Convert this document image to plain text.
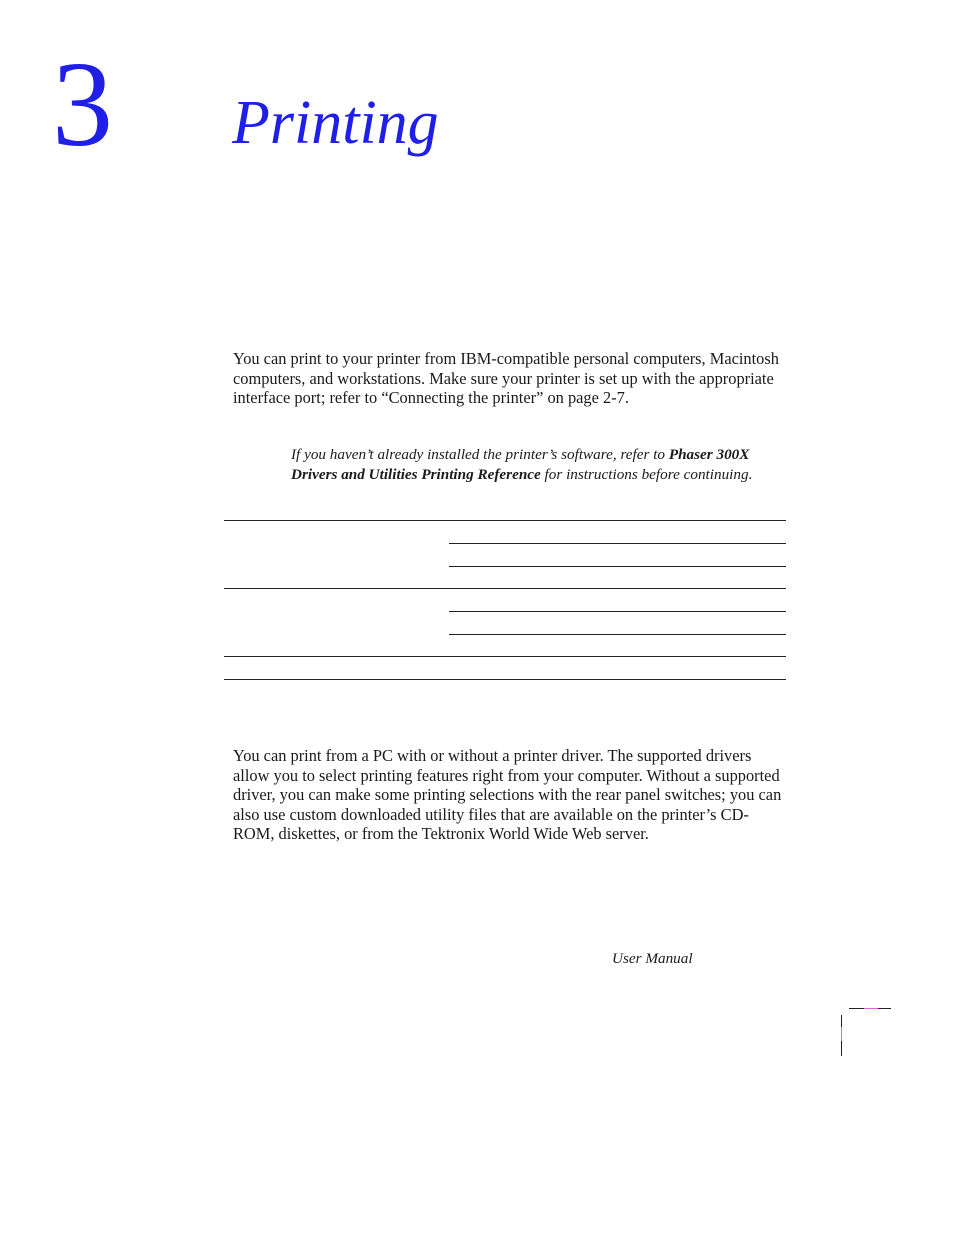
3 Printing

You can print to your printer from IBM-compatible personal computers, Macintosh computers, and workstations. Make sure your printer is set up with the appropriate interface port; refer to “Connecting the printer” on page 2-7.

If you haven’t already installed the printer’s software, refer to Phaser 300X Drivers and Utilities Printing Reference for instructions before continuing.

You can print from a PC with or without a printer driver. The supported drivers allow you to select printing features right from your computer. Without a supported driver, you can make some printing selections with the rear panel switches; you can also use custom downloaded utility files that are available on the printer’s CD-ROM, diskettes, or from the Tektronix World Wide Web server.

User Manual
